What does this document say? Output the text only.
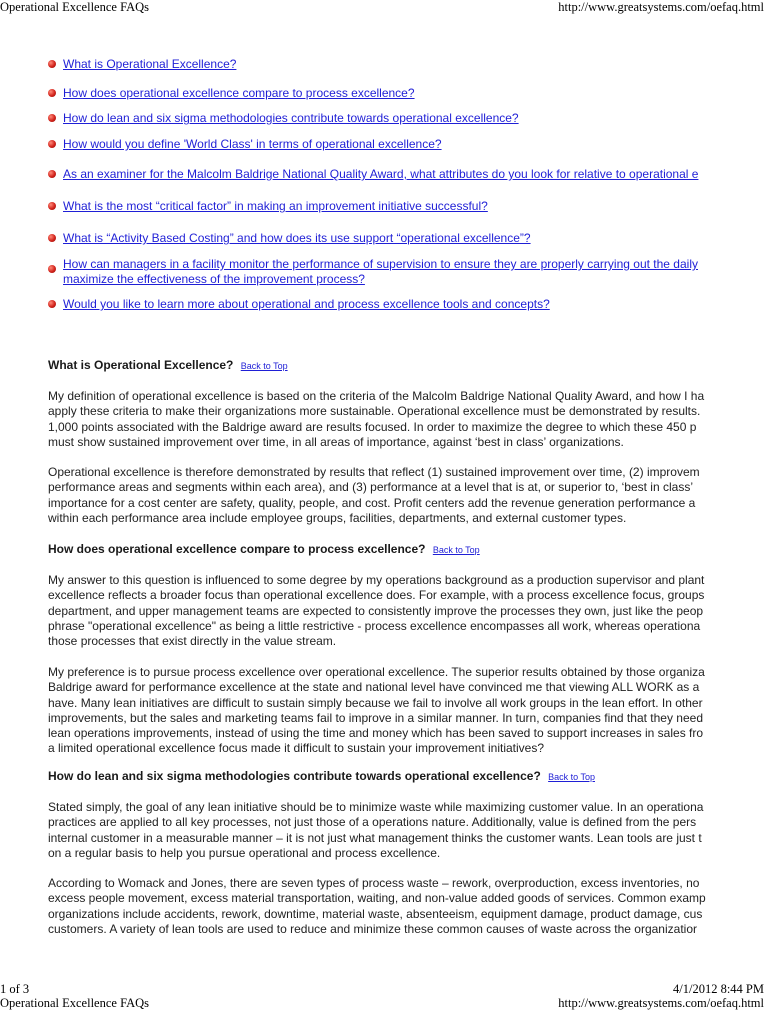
Operational Excellence FAQs	http://www.greatsystems.com/oefaq.html
What is Operational Excellence?
How does operational excellence compare to process excellence?
How do lean and six sigma methodologies contribute towards operational excellence?
How would you define 'World Class' in terms of operational excellence?
As an examiner for the Malcolm Baldrige National Quality Award, what attributes do you look for relative to operational e
What is the most “critical factor” in making an improvement initiative successful?
What is “Activity Based Costing” and how does its use support “operational excellence”?
How can managers in a facility monitor the performance of supervision to ensure they are properly carrying out the daily
maximize the effectiveness of the improvement process?
Would you like to learn more about operational and process excellence tools and concepts?
What is Operational Excellence? Back to Top
My definition of operational excellence is based on the criteria of the Malcolm Baldrige National Quality Award, and how I ha
apply these criteria to make their organizations more sustainable. Operational excellence must be demonstrated by results.
1,000 points associated with the Baldrige award are results focused. In order to maximize the degree to which these 450 p
must show sustained improvement over time, in all areas of importance, against ‘best in class’ organizations.
Operational excellence is therefore demonstrated by results that reflect (1) sustained improvement over time, (2) improvem
performance areas and segments within each area), and (3) performance at a level that is at, or superior to, ‘best in class’
importance for a cost center are safety, quality, people, and cost. Profit centers add the revenue generation performance a
within each performance area include employee groups, facilities, departments, and external customer types.
How does operational excellence compare to process excellence? Back to Top
My answer to this question is influenced to some degree by my operations background as a production supervisor and plant
excellence reflects a broader focus than operational excellence does. For example, with a process excellence focus, groups
department, and upper management teams are expected to consistently improve the processes they own, just like the peop
phrase "operational excellence" as being a little restrictive - process excellence encompasses all work, whereas operationa
those processes that exist directly in the value stream.
My preference is to pursue process excellence over operational excellence. The superior results obtained by those organiza
Baldrige award for performance excellence at the state and national level have convinced me that viewing ALL WORK as a
have. Many lean initiatives are difficult to sustain simply because we fail to involve all work groups in the lean effort. In other
improvements, but the sales and marketing teams fail to improve in a similar manner. In turn, companies find that they need
lean operations improvements, instead of using the time and money which has been saved to support increases in sales fro
a limited operational excellence focus made it difficult to sustain your improvement initiatives?
How do lean and six sigma methodologies contribute towards operational excellence? Back to Top
Stated simply, the goal of any lean initiative should be to minimize waste while maximizing customer value. In an operationa
practices are applied to all key processes, not just those of a operations nature. Additionally, value is defined from the pers
internal customer in a measurable manner – it is not just what management thinks the customer wants. Lean tools are just t
on a regular basis to help you pursue operational and process excellence.
According to Womack and Jones, there are seven types of process waste – rework, overproduction, excess inventories, no
excess people movement, excess material transportation, waiting, and non-value added goods of services. Common examp
organizations include accidents, rework, downtime, material waste, absenteeism, equipment damage, product damage, cus
customers. A variety of lean tools are used to reduce and minimize these common causes of waste across the organizatior
1 of 3	4/1/2012 8:44 PM
Operational Excellence FAQs	http://www.greatsystems.com/oefaq.html
